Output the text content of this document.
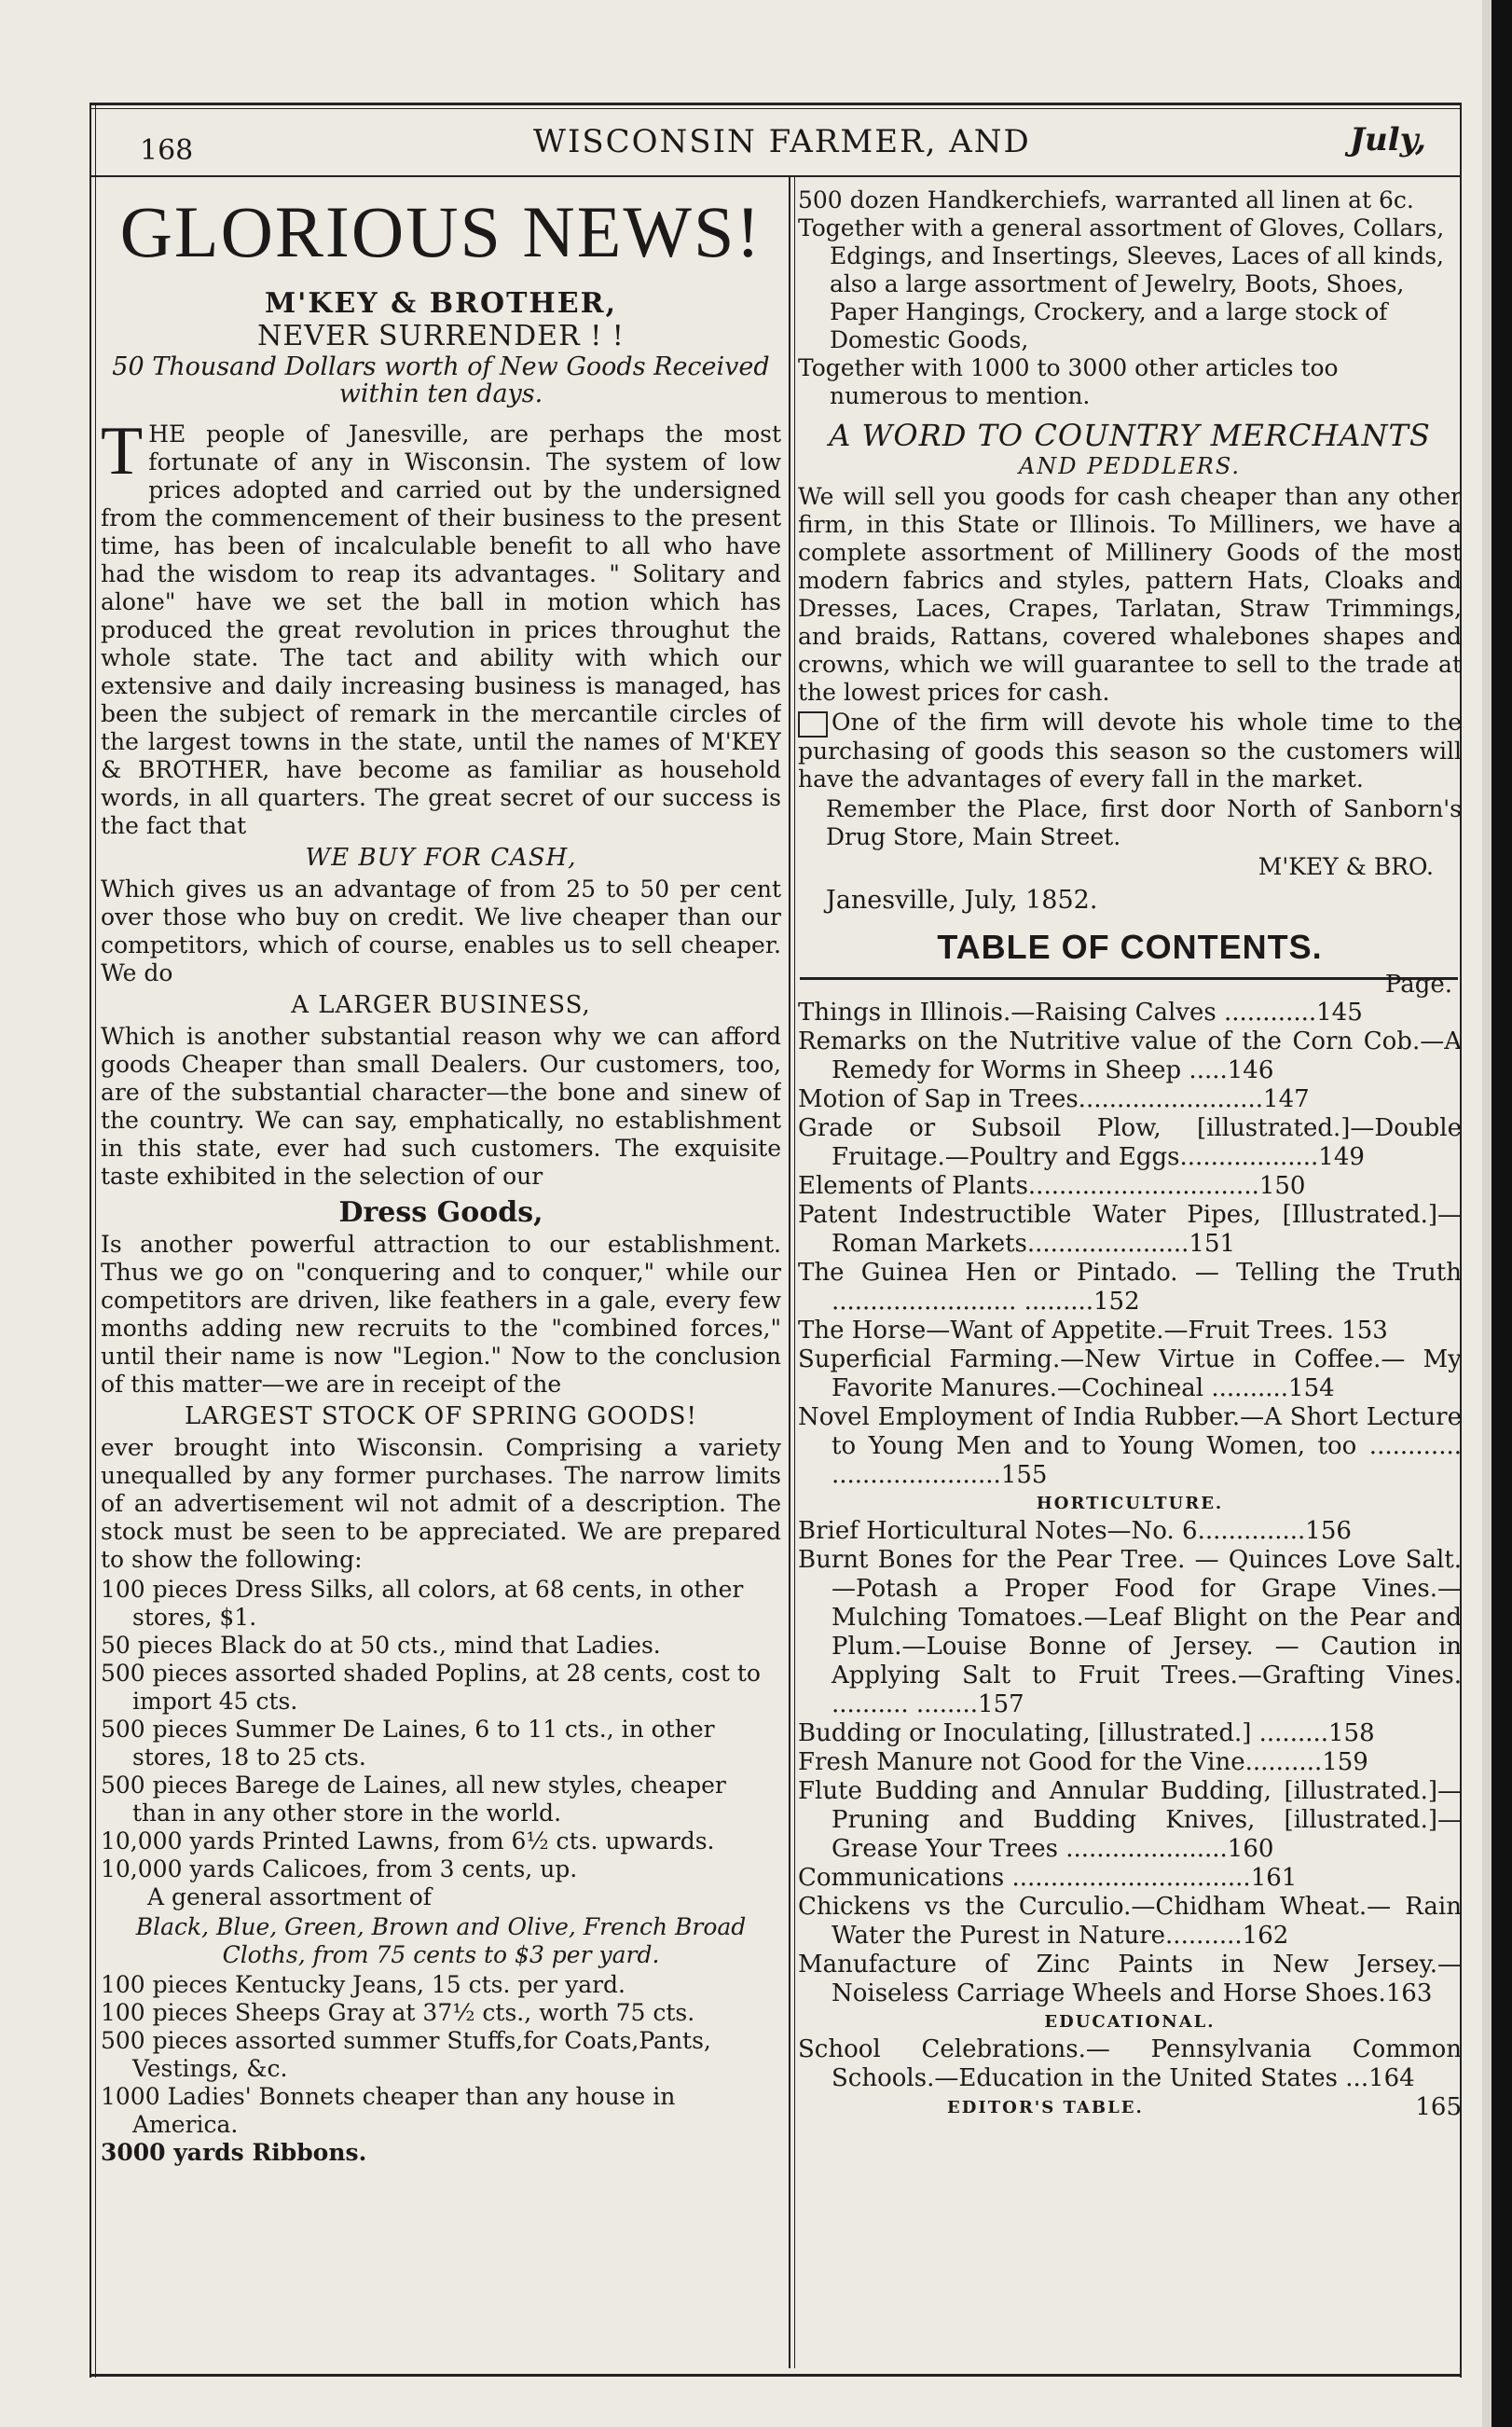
168	WISCONSIN FARMER, AND	July,
GLORIOUS NEWS!

M'KEY & BROTHER,

NEVER SURRENDER ! !

50 Thousand Dollars worth of New Goods Received

within ten days.

THE people of Janesville, are perhaps the most fortunate of any in Wisconsin. The system of low prices adopted and carried out by the undersigned from the commencement of their business to the present time, has been of incalculable benefit to all who have had the wisdom to reap its advantages. " Solitary and alone" have we set the ball in motion which has produced the great revolution in prices throughut the whole state. The tact and ability with which our extensive and daily increasing business is managed, has been the subject of remark in the mercantile circles of the largest towns in the state, until the names of M'KEY & BROTHER, have become as familiar as household words, in all quarters. The great secret of our success is the fact that

WE BUY FOR CASH,

Which gives us an advantage of from 25 to 50 per cent over those who buy on credit. We live cheaper than our competitors, which of course, enables us to sell cheaper. We do

A LARGER BUSINESS,

Which is another substantial reason why we can afford goods Cheaper than small Dealers. Our customers, too, are of the substantial character—the bone and sinew of the country. We can say, emphatically, no establishment in this state, ever had such customers. The exquisite taste exhibited in the selection of our

Dress Goods,

Is another powerful attraction to our establishment. Thus we go on "conquering and to conquer," while our competitors are driven, like feathers in a gale, every few months adding new recruits to the "combined forces," until their name is now "Legion." Now to the conclusion of this matter—we are in receipt of the

LARGEST STOCK OF SPRING GOODS!

ever brought into Wisconsin. Comprising a variety unequalled by any former purchases. The narrow limits of an advertisement wil not admit of a description. The stock must be seen to be appreciated. We are prepared to show the following:

100 pieces Dress Silks, all colors, at 68 cents, in other stores, $1.

50 pieces Black do at 50 cts., mind that Ladies.

500 pieces assorted shaded Poplins, at 28 cents, cost to import 45 cts.

500 pieces Summer De Laines, 6 to 11 cts., in other stores, 18 to 25 cts.

500 pieces Barege de Laines, all new styles, cheaper than in any other store in the world.

10,000 yards Printed Lawns, from 6½ cts. upwards.

10,000 yards Calicoes, from 3 cents, up.

A general assortment of

Black, Blue, Green, Brown and Olive, French Broad Cloths, from 75 cents to $3 per yard.

100 pieces Kentucky Jeans, 15 cts. per yard.

100 pieces Sheeps Gray at 37½ cts., worth 75 cts.

500 pieces assorted summer Stuffs,for Coats,Pants, Vestings, &c.

1000 Ladies' Bonnets cheaper than any house in America.

3000 yards Ribbons.

500 dozen Handkerchiefs, warranted all linen at 6c.

Together with a general assortment of Gloves, Collars, Edgings, and Insertings, Sleeves, Laces of all kinds, also a large assortment of Jewelry, Boots, Shoes, Paper Hangings, Crockery, and a large stock of Domestic Goods,

Together with 1000 to 3000 other articles too numerous to mention.

A WORD TO COUNTRY MERCHANTS

AND PEDDLERS.

We will sell you goods for cash cheaper than any other firm, in this State or Illinois. To Milliners, we have a complete assortment of Millinery Goods of the most modern fabrics and styles, pattern Hats, Cloaks and Dresses, Laces, Crapes, Tarlatan, Straw Trimmings, and braids, Rattans, covered whalebones shapes and crowns, which we will guarantee to sell to the trade at the lowest prices for cash.

One of the firm will devote his whole time to the purchasing of goods this season so the customers will have the advantages of every fall in the market.

Remember the Place, first door North of Sanborn's Drug Store, Main Street.

M'KEY & BRO.

Janesville, July, 1852.

TABLE OF CONTENTS.

Page.

Things in Illinois.—Raising Calves ............145

Remarks on the Nutritive value of the Corn Cob.—A Remedy for Worms in Sheep .....146

Motion of Sap in Trees........................147

Grade or Subsoil Plow, [illustrated.]—Double Fruitage.—Poultry and Eggs..................149

Elements of Plants..............................150

Patent Indestructible Water Pipes, [Illustrated.]—Roman Markets.....................151

The Guinea Hen or Pintado. — Telling the Truth ........................ .........152

The Horse—Want of Appetite.—Fruit Trees. 153

Superficial Farming.—New Virtue in Coffee.— My Favorite Manures.—Cochineal ..........154

Novel Employment of India Rubber.—A Short Lecture to Young Men and to Young Women, too ............ ......................155

HORTICULTURE.

Brief Horticultural Notes—No. 6..............156

Burnt Bones for the Pear Tree. — Quinces Love Salt.—Potash a Proper Food for Grape Vines.—Mulching Tomatoes.—Leaf Blight on the Pear and Plum.—Louise Bonne of Jersey. — Caution in Applying Salt to Fruit Trees.—Grafting Vines. .......... ........157

Budding or Inoculating, [illustrated.] .........158

Fresh Manure not Good for the Vine..........159

Flute Budding and Annular Budding, [illustrated.]—Pruning and Budding Knives, [illustrated.]—Grease Your Trees .....................160

Communications ...............................161

Chickens vs the Curculio.—Chidham Wheat.— Rain Water the Purest in Nature..........162

Manufacture of Zinc Paints in New Jersey.— Noiseless Carriage Wheels and Horse Shoes.163

EDUCATIONAL.

School Celebrations.— Pennsylvania Common Schools.—Education in the United States ...164

EDITOR'S TABLE.	165
